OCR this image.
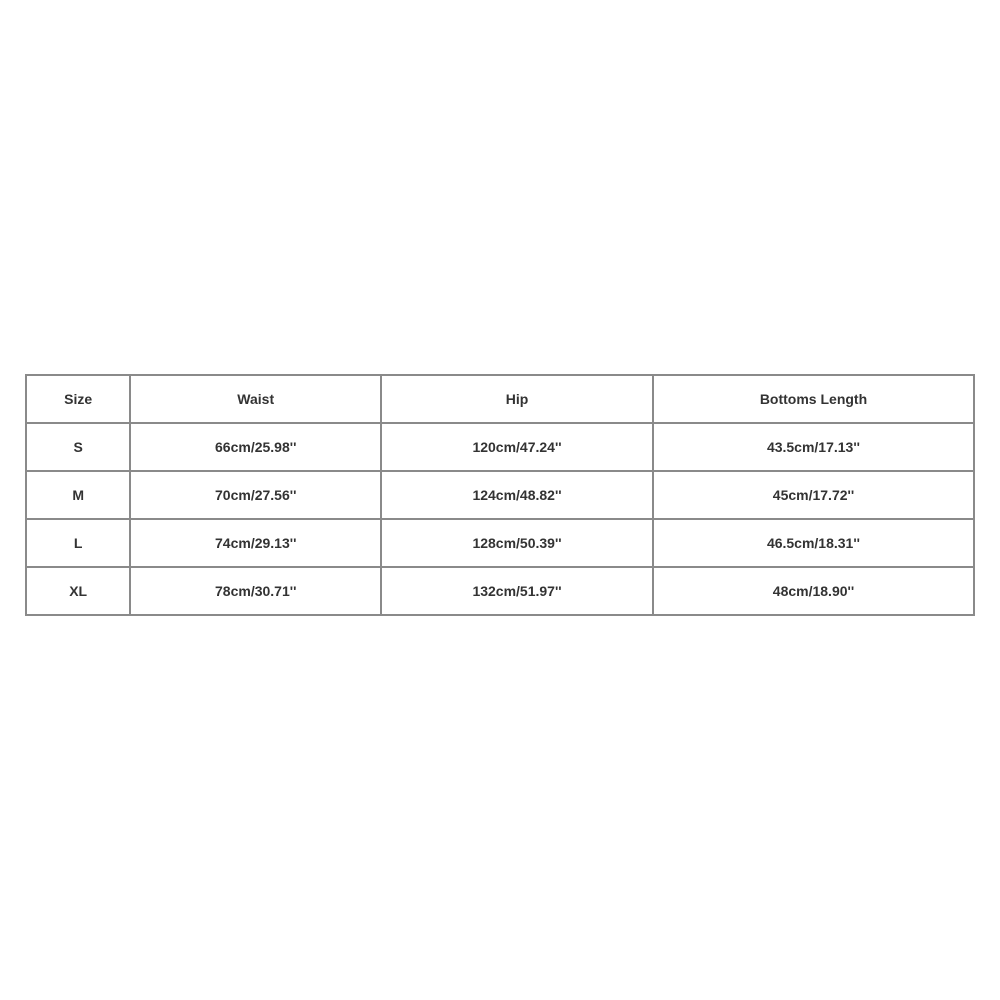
Size	Waist	Hip	Bottoms Length
S	66cm/25.98''	120cm/47.24''	43.5cm/17.13''
M	70cm/27.56''	124cm/48.82''	45cm/17.72''
L	74cm/29.13''	128cm/50.39''	46.5cm/18.31''
XL	78cm/30.71''	132cm/51.97''	48cm/18.90''
